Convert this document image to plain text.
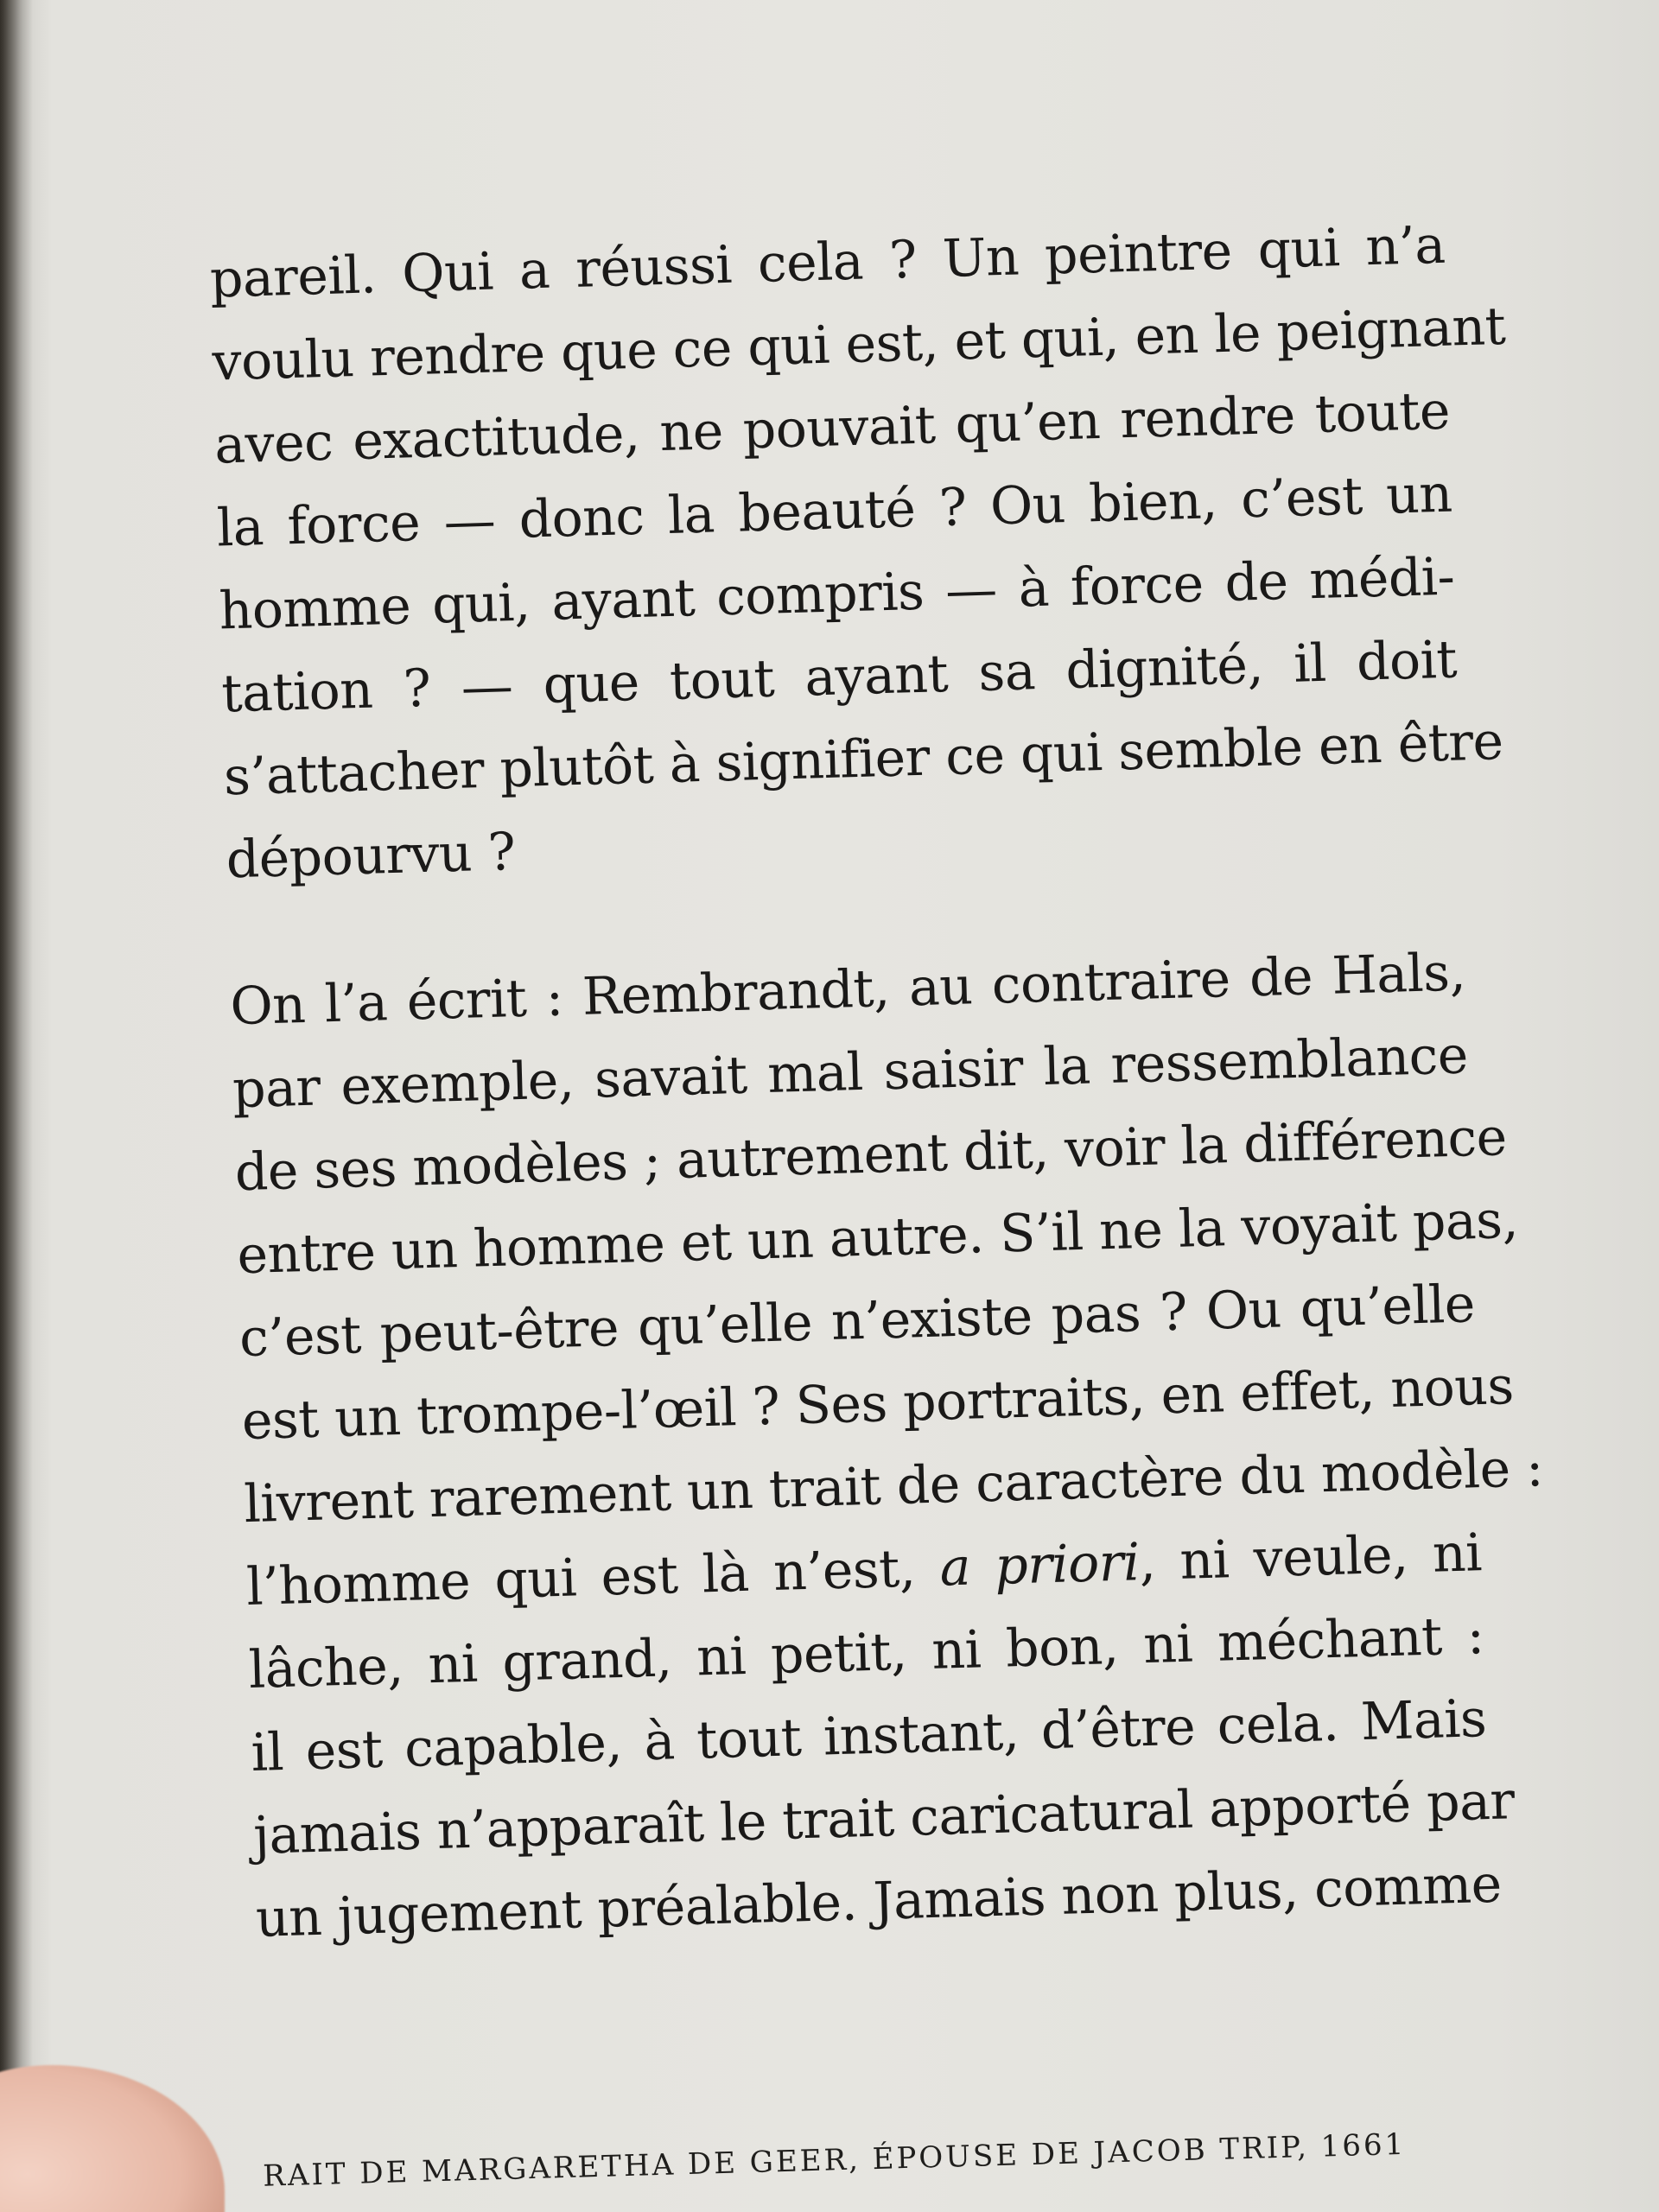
pareil. Qui a réussi cela ? Un peintre qui n’a
voulu rendre que ce qui est, et qui, en le peignant
avec exactitude, ne pouvait qu’en rendre toute
la force — donc la beauté ? Ou bien, c’est un
homme qui, ayant compris — à force de médi-
tation ? — que tout ayant sa dignité, il doit
s’attacher plutôt à signifier ce qui semble en être
dépourvu ?
On l’a écrit : Rembrandt, au contraire de Hals,
par exemple, savait mal saisir la ressemblance
de ses modèles ; autrement dit, voir la différence
entre un homme et un autre. S’il ne la voyait pas,
c’est peut-être qu’elle n’existe pas ? Ou qu’elle
est un trompe-l’œil ? Ses portraits, en effet, nous
livrent rarement un trait de caractère du modèle :
l’homme qui est là n’est, a priori, ni veule, ni
lâche, ni grand, ni petit, ni bon, ni méchant :
il est capable, à tout instant, d’être cela. Mais
jamais n’apparaît le trait caricatural apporté par
un jugement préalable. Jamais non plus, comme
RAIT DE MARGARETHA DE GEER, ÉPOUSE DE JACOB TRIP, 1661
